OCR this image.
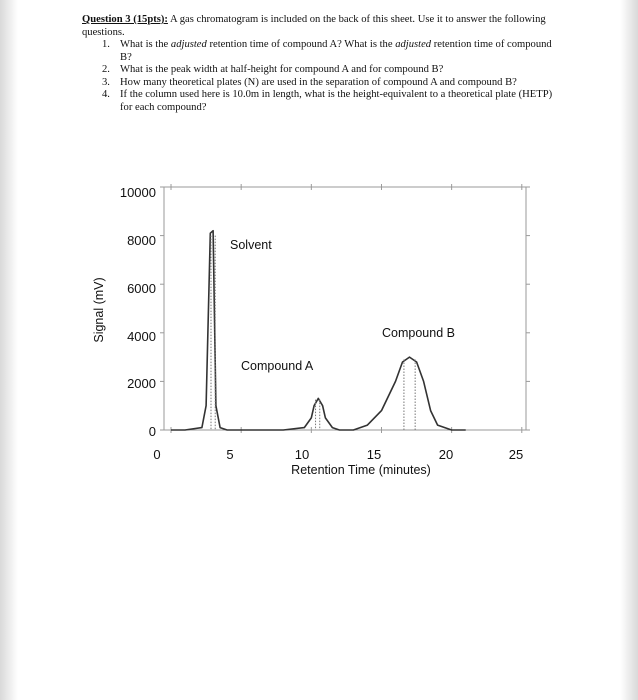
Question 3 (15pts): A gas chromatogram is included on the back of this sheet. Use it to answer the following questions.
1. What is the adjusted retention time of compound A? What is the adjusted retention time of compound B?
2. What is the peak width at half-height for compound A and for compound B?
3. How many theoretical plates (N) are used in the separation of compound A and compound B?
4. If the column used here is 10.0m in length, what is the height-equivalent to a theoretical plate (HETP) for each compound?
10000
8000
6000
4000
2000
0
0	5	10	15	20	25
Retention Time (minutes)
Signal (mV)
Solvent
Compound A
Compound B
